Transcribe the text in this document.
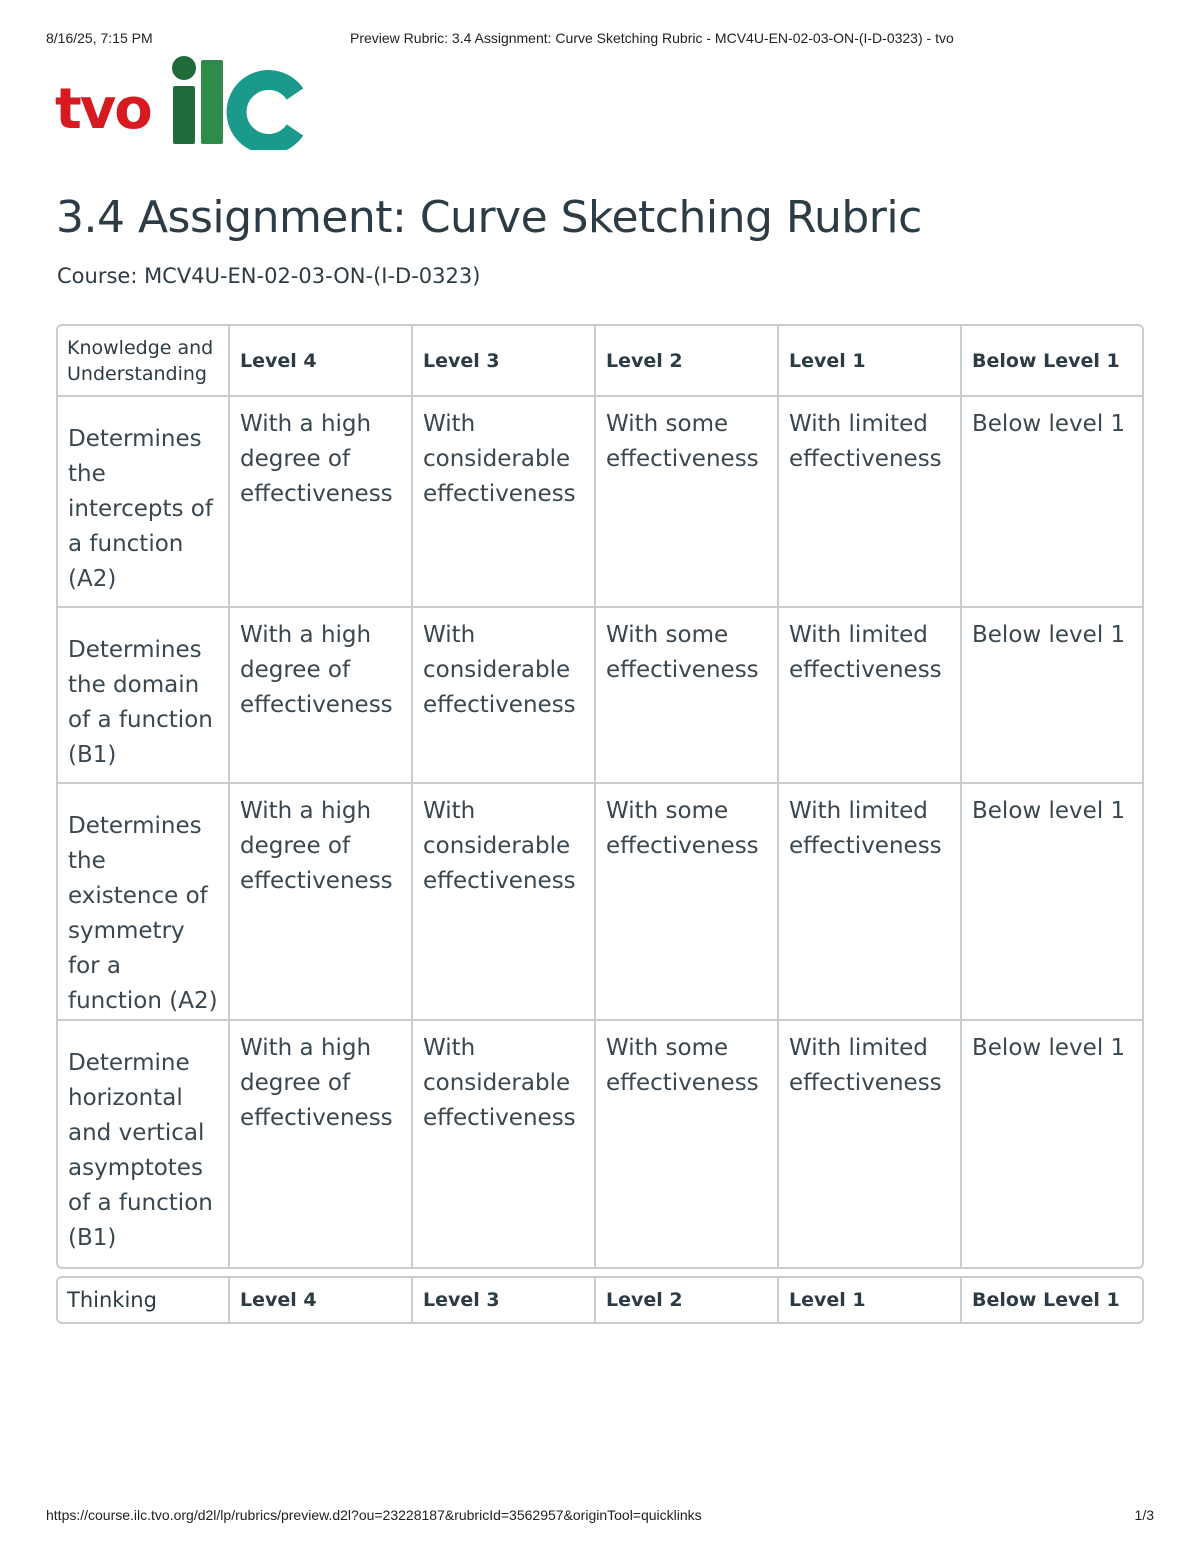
8/16/25, 7:15 PM	Preview Rubric: 3.4 Assignment: Curve Sketching Rubric - MCV4U-EN-02-03-ON-(I-D-0323) - tvo
tvo
3.4 Assignment: Curve Sketching Rubric
Course: MCV4U-EN-02-03-ON-(I-D-0323)
Knowledge and Understanding	Level 4	Level 3	Level 2	Level 1	Below Level 1
Determines the intercepts of a function (A2)	With a high degree of effectiveness	With considerable effectiveness	With some effectiveness	With limited effectiveness	Below level 1
Determines the domain of a function (B1)	With a high degree of effectiveness	With considerable effectiveness	With some effectiveness	With limited effectiveness	Below level 1
Determines the existence of symmetry for a function (A2)	With a high degree of effectiveness	With considerable effectiveness	With some effectiveness	With limited effectiveness	Below level 1
Determine horizontal and vertical asymptotes of a function (B1)	With a high degree of effectiveness	With considerable effectiveness	With some effectiveness	With limited effectiveness	Below level 1
Thinking	Level 4	Level 3	Level 2	Level 1	Below Level 1
https://course.ilc.tvo.org/d2l/lp/rubrics/preview.d2l?ou=23228187&rubricId=3562957&originTool=quicklinks	1/3
